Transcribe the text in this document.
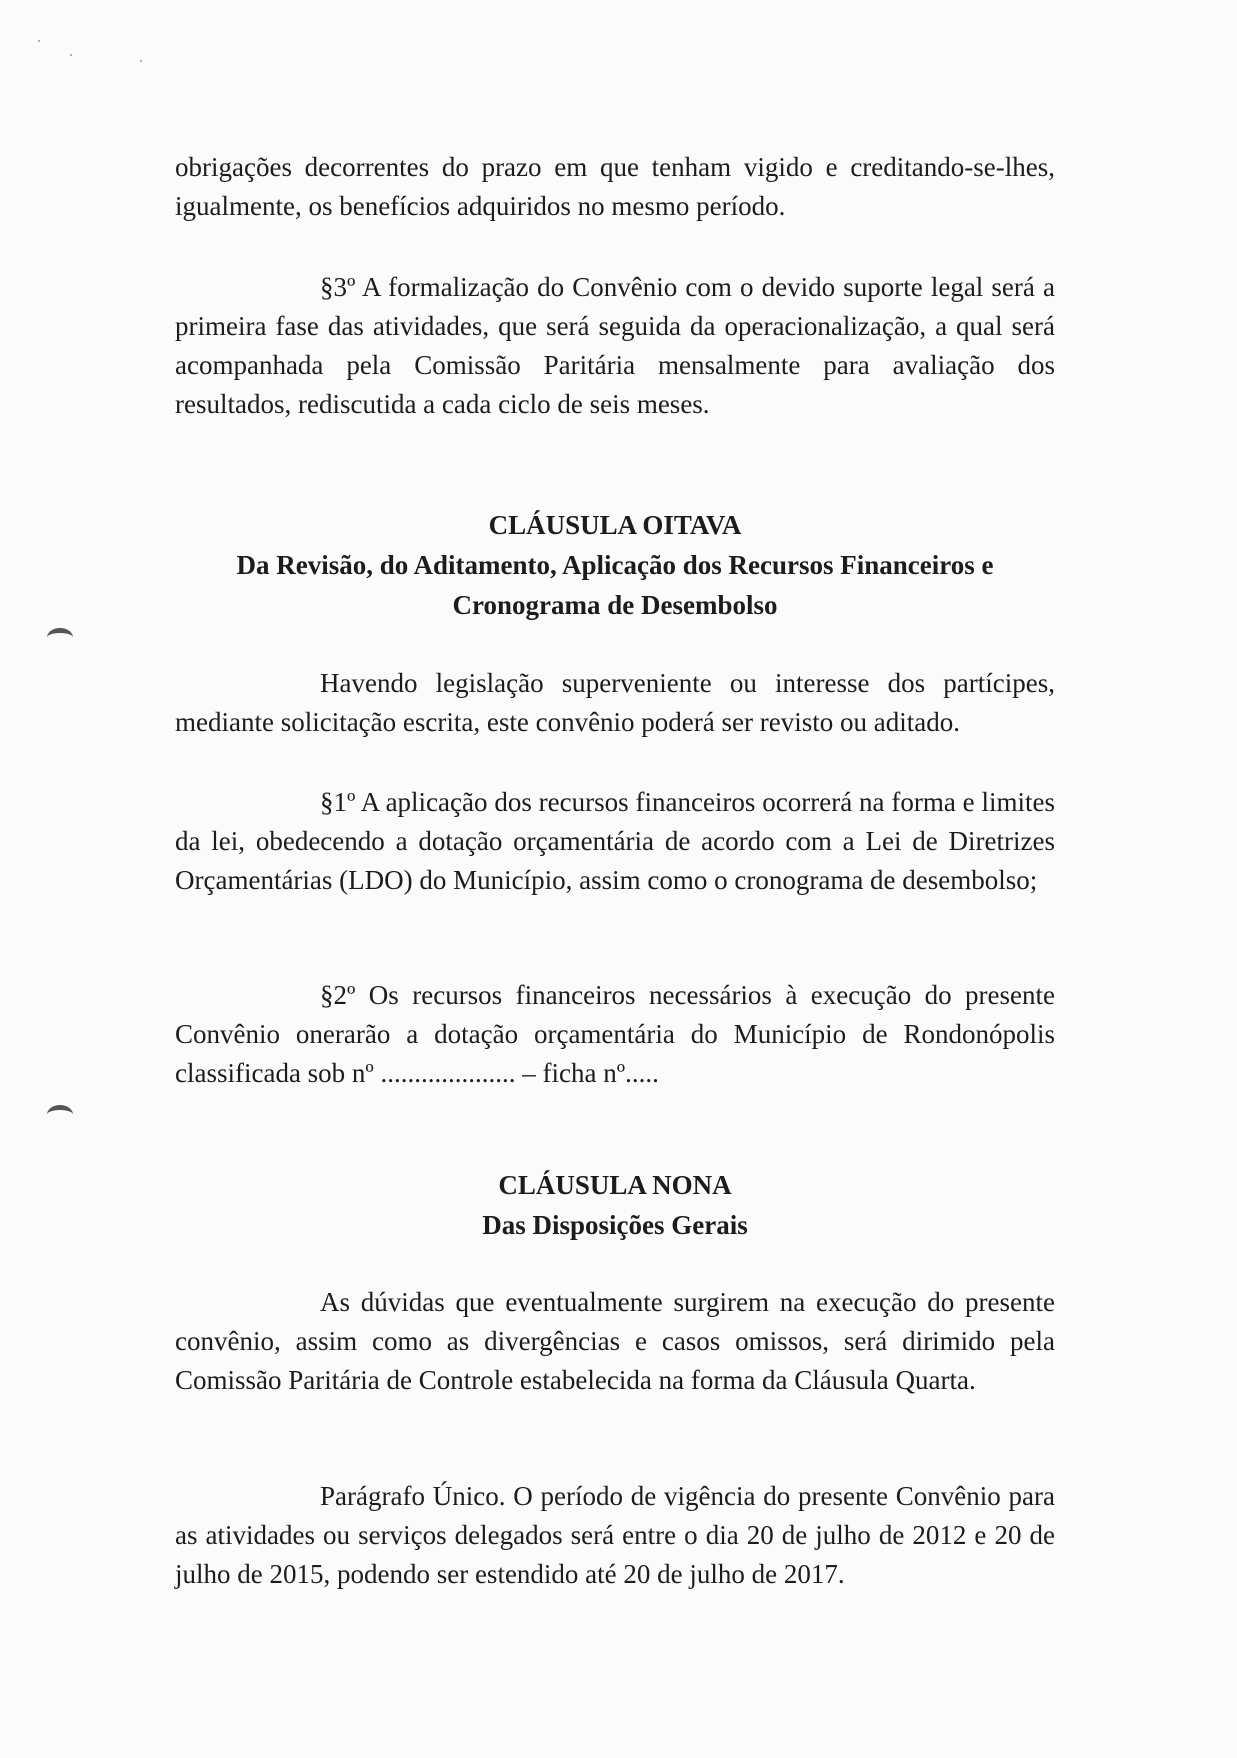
obrigações decorrentes do prazo em que tenham vigido e creditando-se-lhes, igualmente, os benefícios adquiridos no mesmo período.

§3º A formalização do Convênio com o devido suporte legal será a primeira fase das atividades, que será seguida da operacionalização, a qual será acompanhada pela Comissão Paritária mensalmente para avaliação dos resultados, rediscutida a cada ciclo de seis meses.

CLÁUSULA OITAVA
Da Revisão, do Aditamento, Aplicação dos Recursos Financeiros e
Cronograma de Desembolso

Havendo legislação superveniente ou interesse dos partícipes, mediante solicitação escrita, este convênio poderá ser revisto ou aditado.

§1º A aplicação dos recursos financeiros ocorrerá na forma e limites da lei, obedecendo a dotação orçamentária de acordo com a Lei de Diretrizes Orçamentárias (LDO) do Município, assim como o cronograma de desembolso;

§2º Os recursos financeiros necessários à execução do presente Convênio onerarão a dotação orçamentária do Município de Rondonópolis classificada sob nº .................... – ficha nº.....

CLÁUSULA NONA
Das Disposições Gerais

As dúvidas que eventualmente surgirem na execução do presente convênio, assim como as divergências e casos omissos, será dirimido pela Comissão Paritária de Controle estabelecida na forma da Cláusula Quarta.

Parágrafo Único. O período de vigência do presente Convênio para as atividades ou serviços delegados será entre o dia 20 de julho de 2012 e 20 de julho de 2015, podendo ser estendido até 20 de julho de 2017.
